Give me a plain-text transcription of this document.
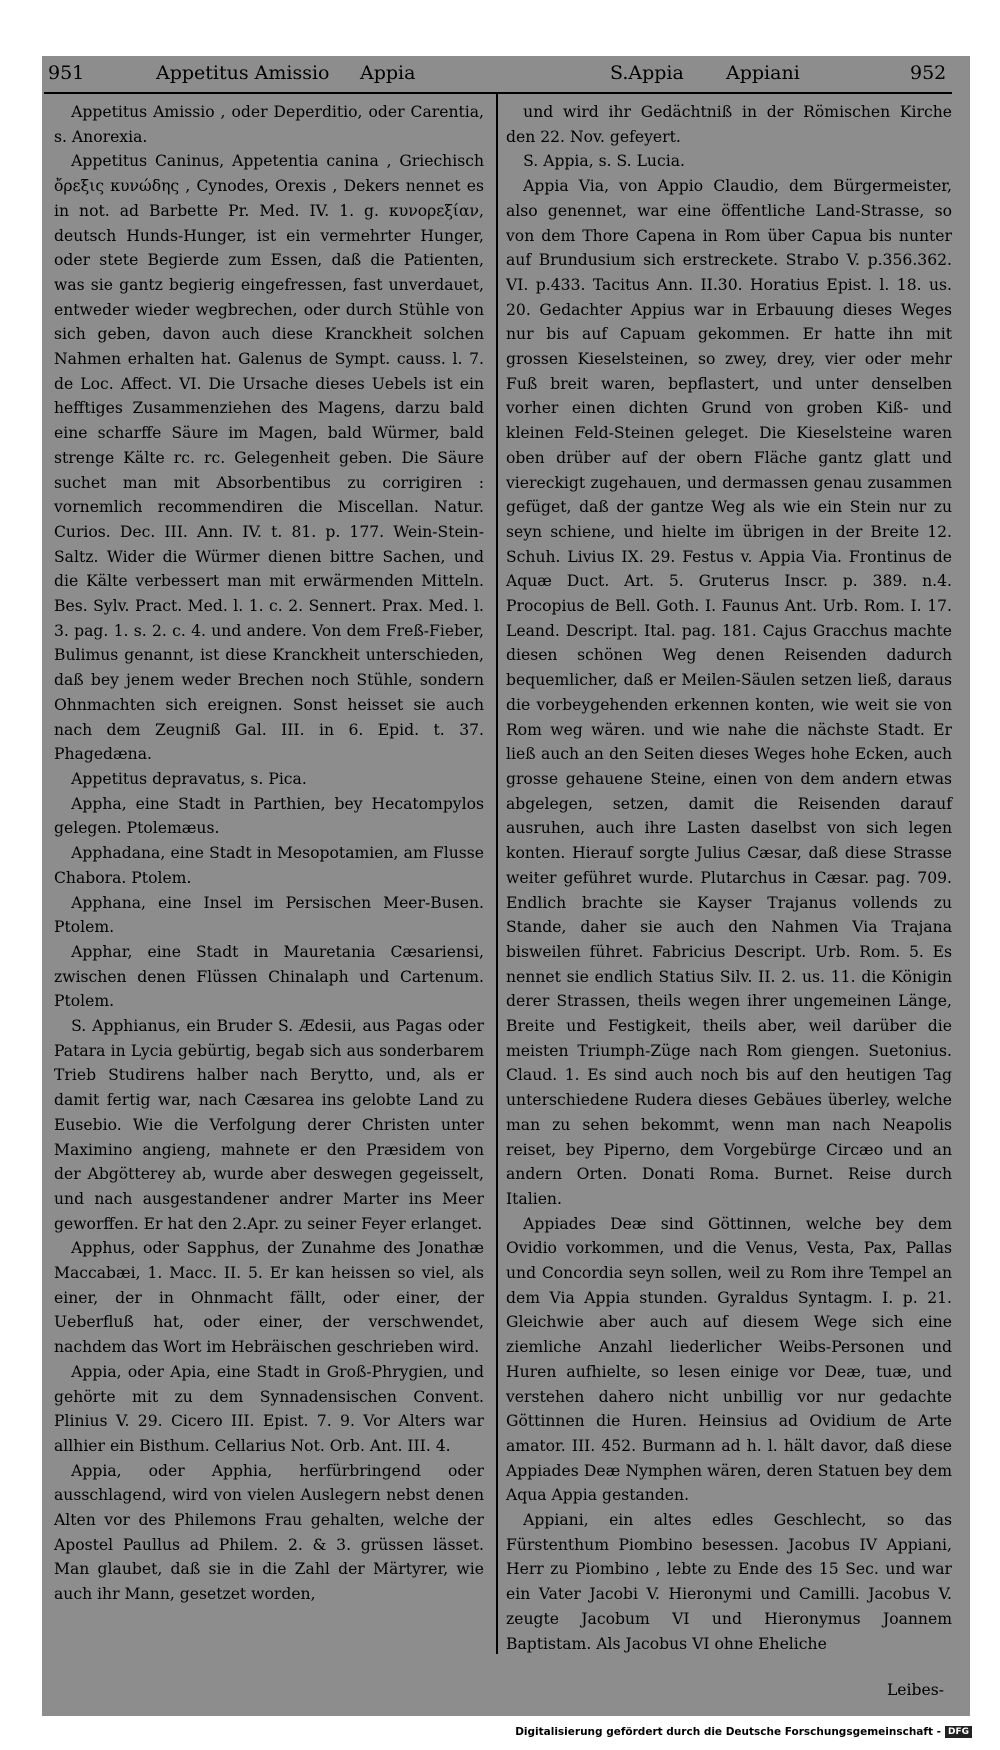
951	Appetitus Amissio Appia	S.Appia Appiani	952

Appetitus Amissio , oder Deperditio, oder Carentia, s. Anorexia.

Appetitus Caninus, Appetentia canina , Griechisch ὄρεξις κυνώδης , Cynodes, Orexis , Dekers nennet es in not. ad Barbette Pr. Med. IV. 1. g. κυνορεξίαν, deutsch Hunds-Hunger, ist ein vermehrter Hunger, oder stete Begierde zum Essen, daß die Patienten, was sie gantz begierig eingefressen, fast unverdauet, entweder wieder wegbrechen, oder durch Stühle von sich geben, davon auch diese Kranckheit solchen Nahmen erhalten hat. Galenus de Sympt. causs. l. 7. de Loc. Affect. VI. Die Ursache dieses Uebels ist ein hefftiges Zusammenziehen des Magens, darzu bald eine scharffe Säure im Magen, bald Würmer, bald strenge Kälte rc. rc. Gelegenheit geben. Die Säure suchet man mit Absorbentibus zu corrigiren : vornemlich recommendiren die Miscellan. Natur. Curios. Dec. III. Ann. IV. t. 81. p. 177. Wein-Stein-Saltz. Wider die Würmer dienen bittre Sachen, und die Kälte verbessert man mit erwärmenden Mitteln. Bes. Sylv. Pract. Med. l. 1. c. 2. Sennert. Prax. Med. l. 3. pag. 1. s. 2. c. 4. und andere. Von dem Freß-Fieber, Bulimus genannt, ist diese Kranckheit unterschieden, daß bey jenem weder Brechen noch Stühle, sondern Ohnmachten sich ereignen. Sonst heisset sie auch nach dem Zeugniß Gal. III. in 6. Epid. t. 37. Phagedæna.

Appetitus depravatus, s. Pica.

Appha, eine Stadt in Parthien, bey Hecatompylos gelegen. Ptolemæus.

Apphadana, eine Stadt in Mesopotamien, am Flusse Chabora. Ptolem.

Apphana, eine Insel im Persischen Meer-Busen. Ptolem.

Apphar, eine Stadt in Mauretania Cæsariensi, zwischen denen Flüssen Chinalaph und Cartenum. Ptolem.

S. Apphianus, ein Bruder S. Ædesii, aus Pagas oder Patara in Lycia gebürtig, begab sich aus sonderbarem Trieb Studirens halber nach Berytto, und, als er damit fertig war, nach Cæsarea ins gelobte Land zu Eusebio. Wie die Verfolgung derer Christen unter Maximino angieng, mahnete er den Præsidem von der Abgötterey ab, wurde aber deswegen gegeisselt, und nach ausgestandener andrer Marter ins Meer geworffen. Er hat den 2.Apr. zu seiner Feyer erlanget.

Apphus, oder Sapphus, der Zunahme des Jonathæ Maccabæi, 1. Macc. II. 5. Er kan heissen so viel, als einer, der in Ohnmacht fällt, oder einer, der Ueberfluß hat, oder einer, der verschwendet, nachdem das Wort im Hebräischen geschrieben wird.

Appia, oder Apia, eine Stadt in Groß-Phrygien, und gehörte mit zu dem Synnadensischen Convent. Plinius V. 29. Cicero III. Epist. 7. 9. Vor Alters war allhier ein Bisthum. Cellarius Not. Orb. Ant. III. 4.

Appia, oder Apphia, herfürbringend oder ausschlagend, wird von vielen Auslegern nebst denen Alten vor des Philemons Frau gehalten, welche der Apostel Paullus ad Philem. 2. & 3. grüssen lässet. Man glaubet, daß sie in die Zahl der Märtyrer, wie auch ihr Mann, gesetzet worden,

und wird ihr Gedächtniß in der Römischen Kirche den 22. Nov. gefeyert.

S. Appia, s. S. Lucia.

Appia Via, von Appio Claudio, dem Bürgermeister, also genennet, war eine öffentliche Land-Strasse, so von dem Thore Capena in Rom über Capua bis nunter auf Brundusium sich erstreckete. Strabo V. p.356.362. VI. p.433. Tacitus Ann. II.30. Horatius Epist. l. 18. us. 20. Gedachter Appius war in Erbauung dieses Weges nur bis auf Capuam gekommen. Er hatte ihn mit grossen Kieselsteinen, so zwey, drey, vier oder mehr Fuß breit waren, bepflastert, und unter denselben vorher einen dichten Grund von groben Kiß- und kleinen Feld-Steinen geleget. Die Kieselsteine waren oben drüber auf der obern Fläche gantz glatt und viereckigt zugehauen, und dermassen genau zusammen gefüget, daß der gantze Weg als wie ein Stein nur zu seyn schiene, und hielte im übrigen in der Breite 12. Schuh. Livius IX. 29. Festus v. Appia Via. Frontinus de Aquæ Duct. Art. 5. Gruterus Inscr. p. 389. n.4. Procopius de Bell. Goth. I. Faunus Ant. Urb. Rom. I. 17. Leand. Descript. Ital. pag. 181. Cajus Gracchus machte diesen schönen Weg denen Reisenden dadurch bequemlicher, daß er Meilen-Säulen setzen ließ, daraus die vorbeygehenden erkennen konten, wie weit sie von Rom weg wären. und wie nahe die nächste Stadt. Er ließ auch an den Seiten dieses Weges hohe Ecken, auch grosse gehauene Steine, einen von dem andern etwas abgelegen, setzen, damit die Reisenden darauf ausruhen, auch ihre Lasten daselbst von sich legen konten. Hierauf sorgte Julius Cæsar, daß diese Strasse weiter geführet wurde. Plutarchus in Cæsar. pag. 709. Endlich brachte sie Kayser Trajanus vollends zu Stande, daher sie auch den Nahmen Via Trajana bisweilen führet. Fabricius Descript. Urb. Rom. 5. Es nennet sie endlich Statius Silv. II. 2. us. 11. die Königin derer Strassen, theils wegen ihrer ungemeinen Länge, Breite und Festigkeit, theils aber, weil darüber die meisten Triumph-Züge nach Rom giengen. Suetonius. Claud. 1. Es sind auch noch bis auf den heutigen Tag unterschiedene Rudera dieses Gebäues überley, welche man zu sehen bekommt, wenn man nach Neapolis reiset, bey Piperno, dem Vorgebürge Circæo und an andern Orten. Donati Roma. Burnet. Reise durch Italien.

Appiades Deæ sind Göttinnen, welche bey dem Ovidio vorkommen, und die Venus, Vesta, Pax, Pallas und Concordia seyn sollen, weil zu Rom ihre Tempel an dem Via Appia stunden. Gyraldus Syntagm. I. p. 21. Gleichwie aber auch auf diesem Wege sich eine ziemliche Anzahl liederlicher Weibs-Personen und Huren aufhielte, so lesen einige vor Deæ, tuæ, und verstehen dahero nicht unbillig vor nur gedachte Göttinnen die Huren. Heinsius ad Ovidium de Arte amator. III. 452. Burmann ad h. l. hält davor, daß diese Appiades Deæ Nymphen wären, deren Statuen bey dem Aqua Appia gestanden.

Appiani, ein altes edles Geschlecht, so das Fürstenthum Piombino besessen. Jacobus IV Appiani, Herr zu Piombino , lebte zu Ende des 15 Sec. und war ein Vater Jacobi V. Hieronymi und Camilli. Jacobus V. zeugte Jacobum VI und Hieronymus Joannem Baptistam. Als Jacobus VI ohne Eheliche

Leibes-
Digitalisierung gefördert durch die Deutsche Forschungsgemeinschaft - DFG
